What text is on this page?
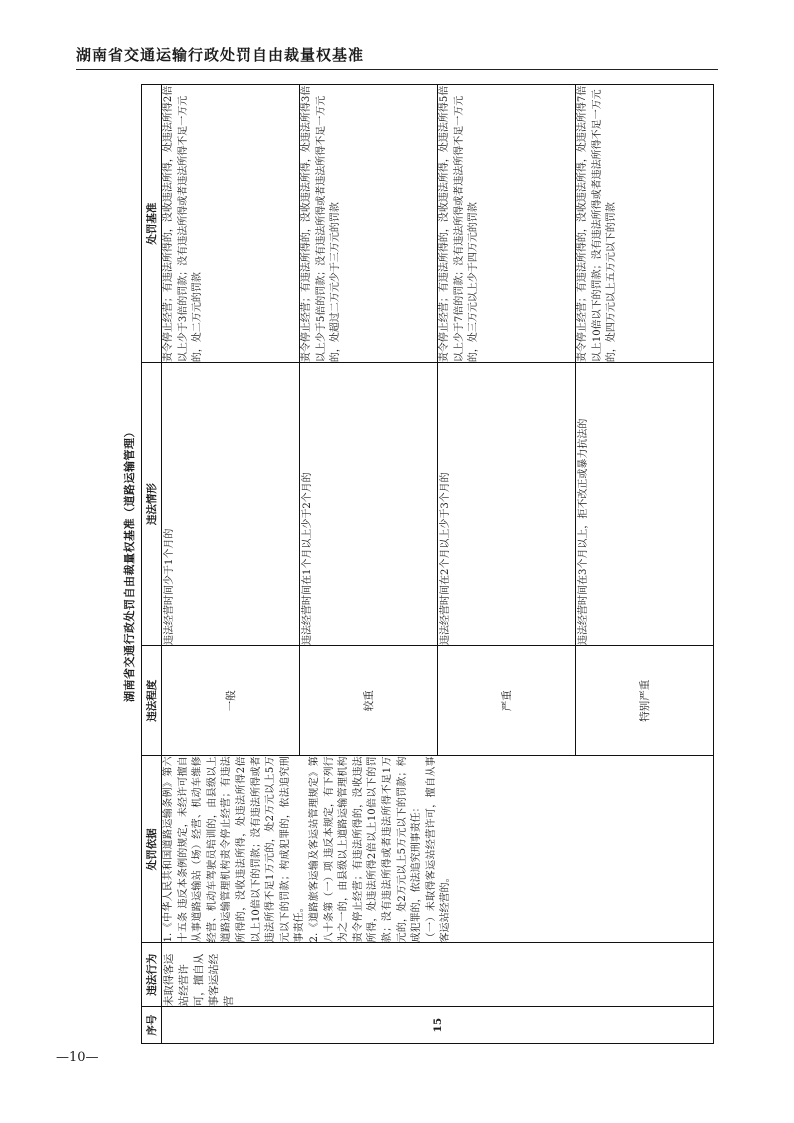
湖南省交通运输行政处罚自由裁量权基准
湖南省交通行政处罚自由裁量权基准（道路运输管理）
序号	违法行为	处罚依据	违法程度	违法情形	处罚基准
15	未取得客运站经营许可，擅自从事客运站经营	1.《中华人民共和国道路运输条例》第六十五条 违反本条例的规定，未经许可擅自从事道路运输站（场）经营、机动车维修经营、机动车驾驶员培训的，由县级以上道路运输管理机构责令停止经营；有违法所得的，没收违法所得，处违法所得2倍以上10倍以下的罚款；没有违法所得或者违法所得不足1万元的，处2万元以上5万元以下的罚款；构成犯罪的，依法追究刑事责任。 2.《道路旅客运输及客运站管理规定》第八十条第（一）项 违反本规定，有下列行为之一的，由县级以上道路运输管理机构责令停止经营；有违法所得的，没收违法所得，处违法所得2倍以上10倍以下的罚款；没有违法所得或者违法所得不足1万元的，处2万元以上5万元以下的罚款；构成犯罪的，依法追究刑事责任： （一）未取得客运站经营许可，擅自从事客运站经营的。	一般	违法经营时间少于1个月的	责令停止经营；有违法所得的，没收违法所得，处违法所得2倍以上少于3倍的罚款；没有违法所得或者违法所得不足一万元的，处二万元的罚款
			较重	违法经营时间在1个月以上少于2个月的	责令停止经营；有违法所得的，没收违法所得，处违法所得3倍以上少于5倍的罚款；没有违法所得或者违法所得不足一万元的，处超过二万元少于三万元的罚款
			严重	违法经营时间在2个月以上少于3个月的	责令停止经营；有违法所得的，没收违法所得，处违法所得5倍以上少于7倍的罚款；没有违法所得或者违法所得不足一万元的，处三万元以上少于四万元的罚款
			特别严重	违法经营时间在3个月以上，拒不改正或暴力抗法的	责令停止经营；有违法所得的，没收违法所得，处违法所得7倍以上10倍以下的罚款；没有违法所得或者违法所得不足一万元的，处四万元以上五万元以下的罚款
—10—
